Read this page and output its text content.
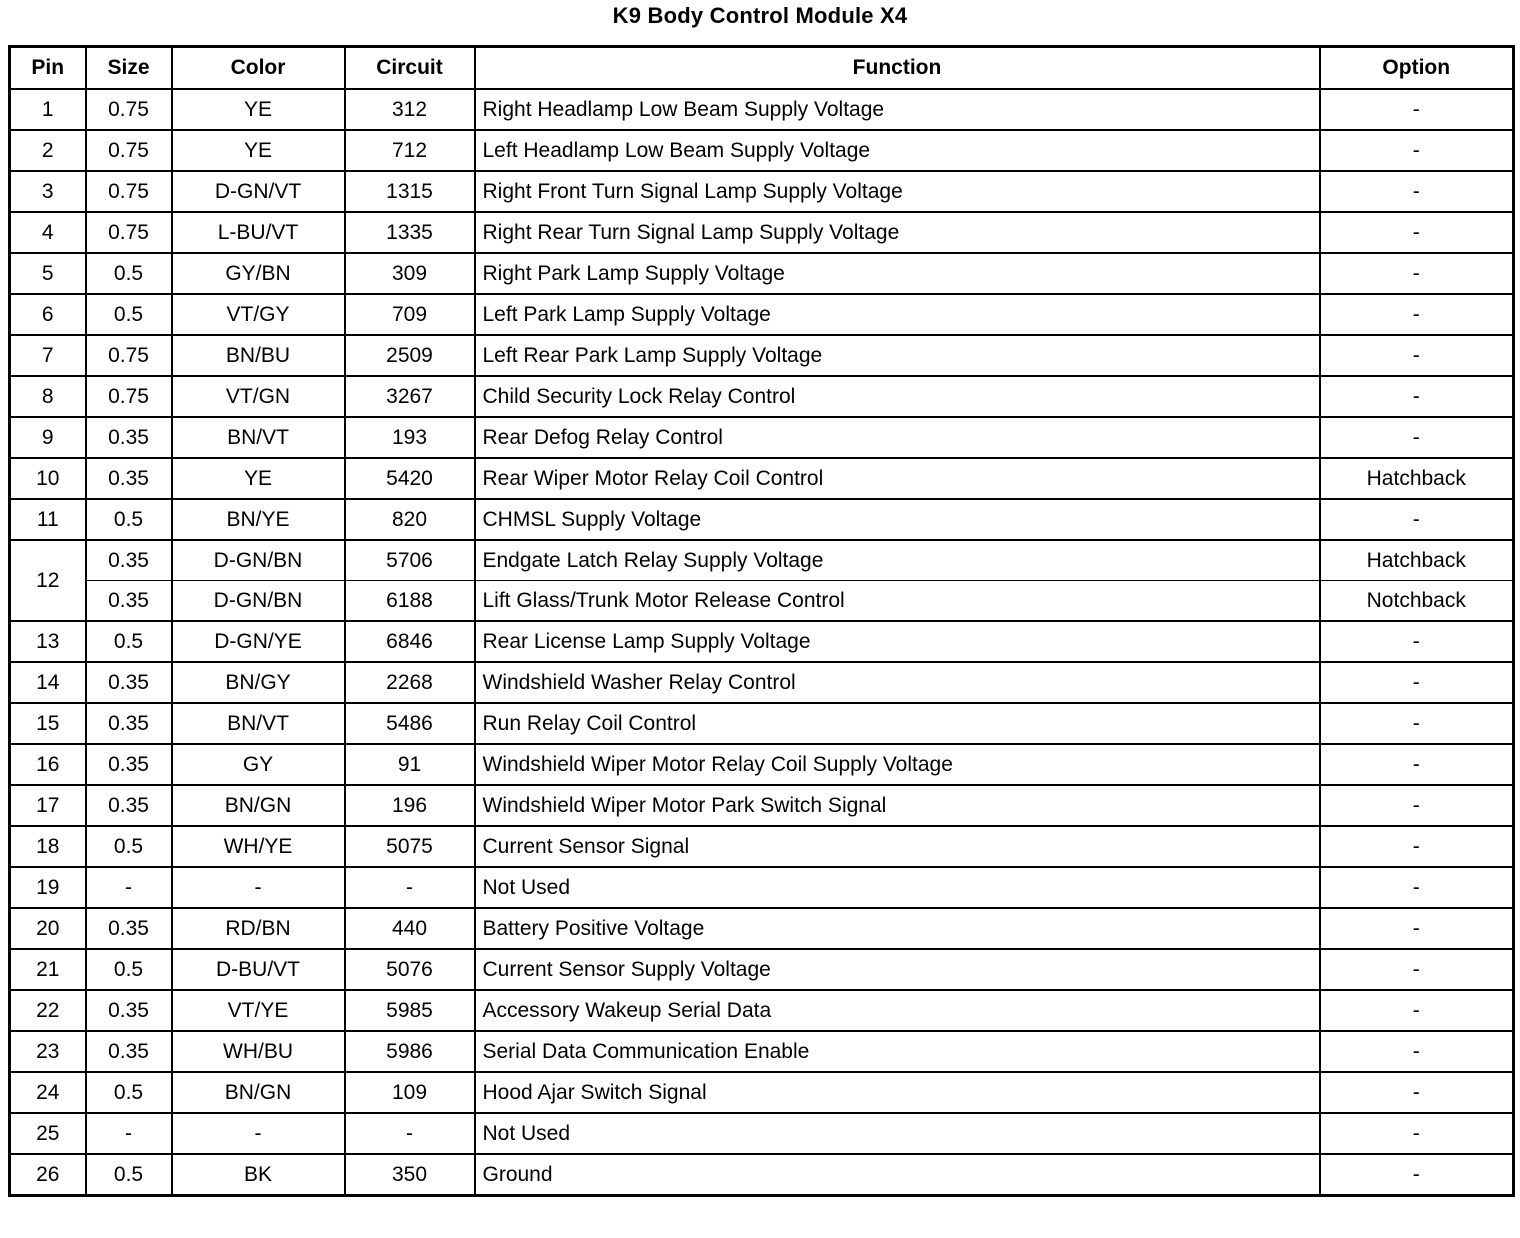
K9 Body Control Module X4
Pin	Size	Color	Circuit	Function	Option
1	0.75	YE	312	Right Headlamp Low Beam Supply Voltage	-
2	0.75	YE	712	Left Headlamp Low Beam Supply Voltage	-
3	0.75	D-GN/VT	1315	Right Front Turn Signal Lamp Supply Voltage	-
4	0.75	L-BU/VT	1335	Right Rear Turn Signal Lamp Supply Voltage	-
5	0.5	GY/BN	309	Right Park Lamp Supply Voltage	-
6	0.5	VT/GY	709	Left Park Lamp Supply Voltage	-
7	0.75	BN/BU	2509	Left Rear Park Lamp Supply Voltage	-
8	0.75	VT/GN	3267	Child Security Lock Relay Control	-
9	0.35	BN/VT	193	Rear Defog Relay Control	-
10	0.35	YE	5420	Rear Wiper Motor Relay Coil Control	Hatchback
11	0.5	BN/YE	820	CHMSL Supply Voltage	-
12	0.35	D-GN/BN	5706	Endgate Latch Relay Supply Voltage	Hatchback
	0.35	D-GN/BN	6188	Lift Glass/Trunk Motor Release Control	Notchback
13	0.5	D-GN/YE	6846	Rear License Lamp Supply Voltage	-
14	0.35	BN/GY	2268	Windshield Washer Relay Control	-
15	0.35	BN/VT	5486	Run Relay Coil Control	-
16	0.35	GY	91	Windshield Wiper Motor Relay Coil Supply Voltage	-
17	0.35	BN/GN	196	Windshield Wiper Motor Park Switch Signal	-
18	0.5	WH/YE	5075	Current Sensor Signal	-
19	-	-	-	Not Used	-
20	0.35	RD/BN	440	Battery Positive Voltage	-
21	0.5	D-BU/VT	5076	Current Sensor Supply Voltage	-
22	0.35	VT/YE	5985	Accessory Wakeup Serial Data	-
23	0.35	WH/BU	5986	Serial Data Communication Enable	-
24	0.5	BN/GN	109	Hood Ajar Switch Signal	-
25	-	-	-	Not Used	-
26	0.5	BK	350	Ground	-
